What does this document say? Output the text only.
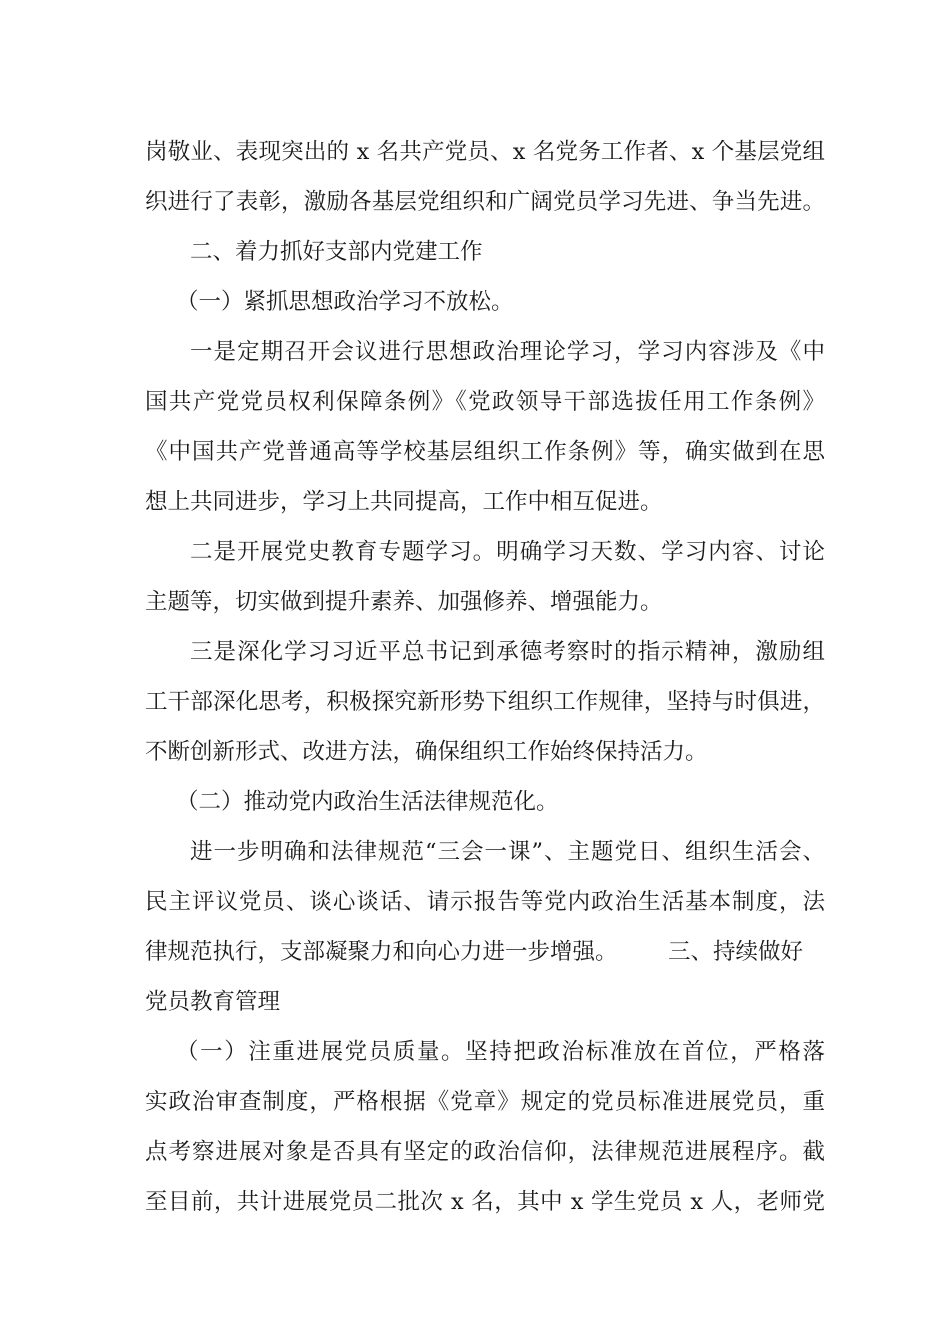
岗敬业、表现突出的 x 名共产党员、x 名党务工作者、x 个基层党组
织进行了表彰，激励各基层党组织和广阔党员学习先进、争当先进。
二、着力抓好支部内党建工作
（一）紧抓思想政治学习不放松。
一是定期召开会议进行思想政治理论学习，学习内容涉及《中
国共产党党员权利保障条例》《党政领导干部选拔任用工作条例》
《中国共产党普通高等学校基层组织工作条例》等，确实做到在思
想上共同进步，学习上共同提高，工作中相互促进。
二是开展党史教育专题学习。明确学习天数、学习内容、讨论
主题等，切实做到提升素养、加强修养、增强能力。
三是深化学习习近平总书记到承德考察时的指示精神，激励组
工干部深化思考，积极探究新形势下组织工作规律，坚持与时俱进，
不断创新形式、改进方法，确保组织工作始终保持活力。
（二）推动党内政治生活法律规范化。
进一步明确和法律规范“三会一课”、主题党日、组织生活会、
民主评议党员、谈心谈话、请示报告等党内政治生活基本制度，法
律规范执行，支部凝聚力和向心力进一步增强。 三、持续做好
党员教育管理
（一）注重进展党员质量。坚持把政治标准放在首位，严格落
实政治审查制度，严格根据《党章》规定的党员标准进展党员，重
点考察进展对象是否具有坚定的政治信仰，法律规范进展程序。截
至目前，共计进展党员二批次 x 名，其中 x 学生党员 x 人，老师党
